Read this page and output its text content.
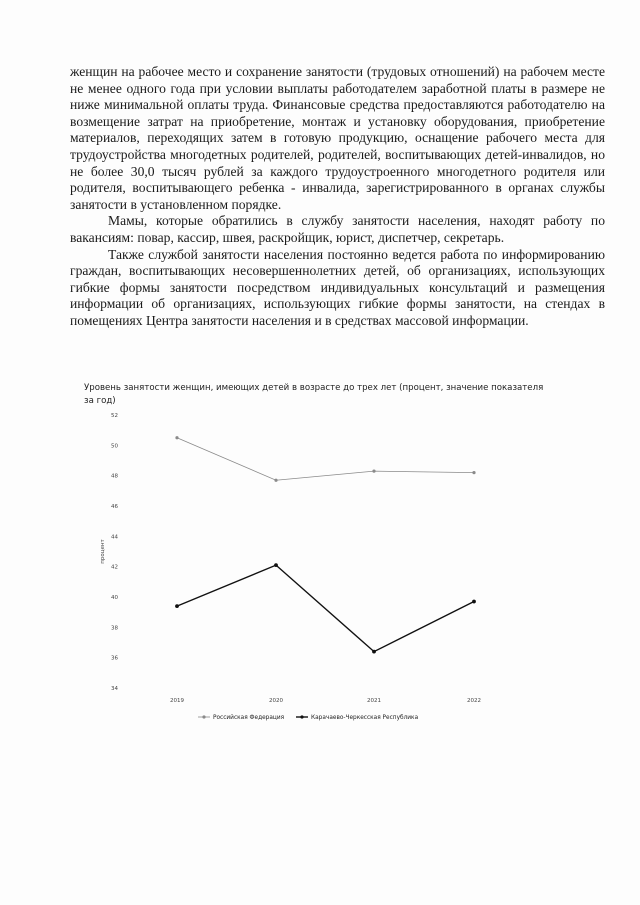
женщин на рабочее место и сохранение занятости (трудовых отношений) на рабочем месте не менее одного года при условии выплаты работодателем заработной платы в размере не ниже минимальной оплаты труда. Финансовые средства предоставляются работодателю на возмещение затрат на приобретение, монтаж и установку оборудования, приобретение материалов, переходящих затем в готовую продукцию, оснащение рабочего места для трудоустройства многодетных родителей, родителей, воспитывающих детей-инвалидов, но не более 30,0 тысяч рублей за каждого трудоустроенного многодетного родителя или родителя, воспитывающего ребенка - инвалида, зарегистрированного в органах службы занятости в установленном порядке.

Мамы, которые обратились в службу занятости населения, находят работу по вакансиям: повар, кассир, швея, раскройщик, юрист, диспетчер, секретарь.

Также службой занятости населения постоянно ведется работа по информированию граждан, воспитывающих несовершеннолетних детей, об организациях, использующих гибкие формы занятости посредством индивидуальных консультаций и размещения информации об организациях, использующих гибкие формы занятости, на стендах в помещениях Центра занятости населения и в средствах массовой информации.

Уровень занятости женщин, имеющих детей в возрасте до трех лет (процент, значение показателя за год)
52
50
48
46
44
42
40
38
36
34
процент
2019	2020	2021	2022
Российская Федерация	Карачаево-Черкесская Республика
